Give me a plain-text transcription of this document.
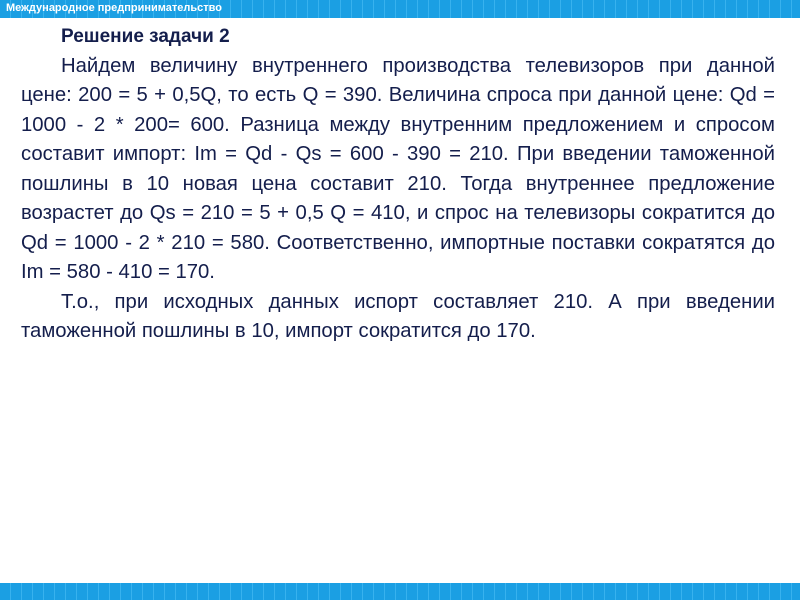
Международное предпринимательство

Решение задачи 2

Найдем величину внутреннего производства телевизоров при данной цене: 200 = 5 + 0,5Q, то есть Q = 390. Величина спроса при данной цене: Qd = 1000 - 2 * 200= 600. Разница между внутренним предложением и спросом составит импорт: Im = Qd - Qs = 600 - 390 = 210. При введении таможенной пошлины в 10 новая цена составит 210. Тогда внутреннее предложение возрастет до Qs = 210 = 5 + 0,5 Q = 410, и спрос на телевизоры сократится до Qd = 1000 - 2 * 210 = 580. Соответственно, импортные поставки сократятся до Im = 580 - 410 = 170.

Т.о., при исходных данных испорт составляет 210. А при введении таможенной пошлины в 10, импорт сократится до 170.
